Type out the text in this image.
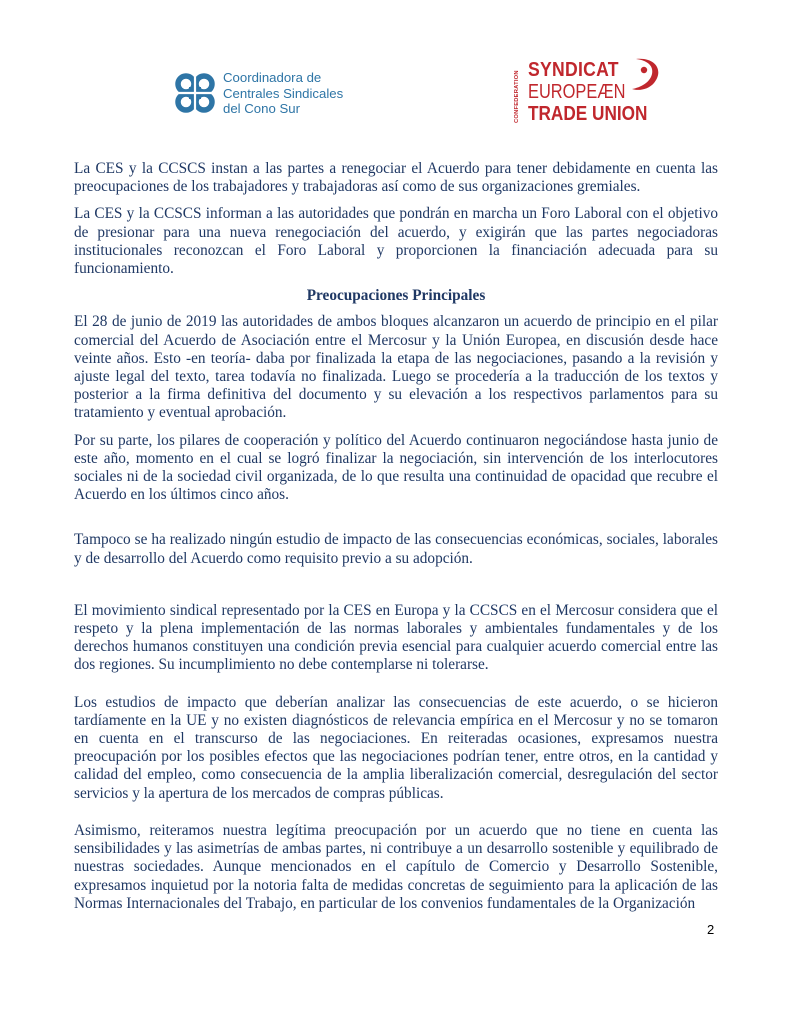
Coordinadora de
Centrales Sindicales
del Cono Sur	CONFEDERATION
SYNDICAT
EUROPEÆN
TRADE UNION

La CES y la CCSCS instan a las partes a renegociar el Acuerdo para tener debidamente en cuenta las preocupaciones de los trabajadores y trabajadoras así como de sus organizaciones gremiales.

La CES y la CCSCS informan a las autoridades que pondrán en marcha un Foro Laboral con el objetivo de presionar para una nueva renegociación del acuerdo, y exigirán que las partes negociadoras institucionales reconozcan el Foro Laboral y proporcionen la financiación adecuada para su funcionamiento.

Preocupaciones Principales

El 28 de junio de 2019 las autoridades de ambos bloques alcanzaron un acuerdo de principio en el pilar comercial del Acuerdo de Asociación entre el Mercosur y la Unión Europea, en discusión desde hace veinte años. Esto -en teoría- daba por finalizada la etapa de las negociaciones, pasando a la revisión y ajuste legal del texto, tarea todavía no finalizada. Luego se procedería a la traducción de los textos y posterior a la firma definitiva del documento y su elevación a los respectivos parlamentos para su tratamiento y eventual aprobación.

Por su parte, los pilares de cooperación y político del Acuerdo continuaron negociándose hasta junio de este año, momento en el cual se logró finalizar la negociación, sin intervención de los interlocutores sociales ni de la sociedad civil organizada, de lo que resulta una continuidad de opacidad que recubre el Acuerdo en los últimos cinco años.

Tampoco se ha realizado ningún estudio de impacto de las consecuencias económicas, sociales, laborales y de desarrollo del Acuerdo como requisito previo a su adopción.

El movimiento sindical representado por la CES en Europa y la CCSCS en el Mercosur considera que el respeto y la plena implementación de las normas laborales y ambientales fundamentales y de los derechos humanos constituyen una condición previa esencial para cualquier acuerdo comercial entre las dos regiones. Su incumplimiento no debe contemplarse ni tolerarse.

Los estudios de impacto que deberían analizar las consecuencias de este acuerdo, o se hicieron tardíamente en la UE y no existen diagnósticos de relevancia empírica en el Mercosur y no se tomaron en cuenta en el transcurso de las negociaciones. En reiteradas ocasiones, expresamos nuestra preocupación por los posibles efectos que las negociaciones podrían tener, entre otros, en la cantidad y calidad del empleo, como consecuencia de la amplia liberalización comercial, desregulación del sector servicios y la apertura de los mercados de compras públicas.

Asimismo, reiteramos nuestra legítima preocupación por un acuerdo que no tiene en cuenta las sensibilidades y las asimetrías de ambas partes, ni contribuye a un desarrollo sostenible y equilibrado de nuestras sociedades. Aunque mencionados en el capítulo de Comercio y Desarrollo Sostenible, expresamos inquietud por la notoria falta de medidas concretas de seguimiento para la aplicación de las Normas Internacionales del Trabajo, en particular de los convenios fundamentales de la Organización

2
